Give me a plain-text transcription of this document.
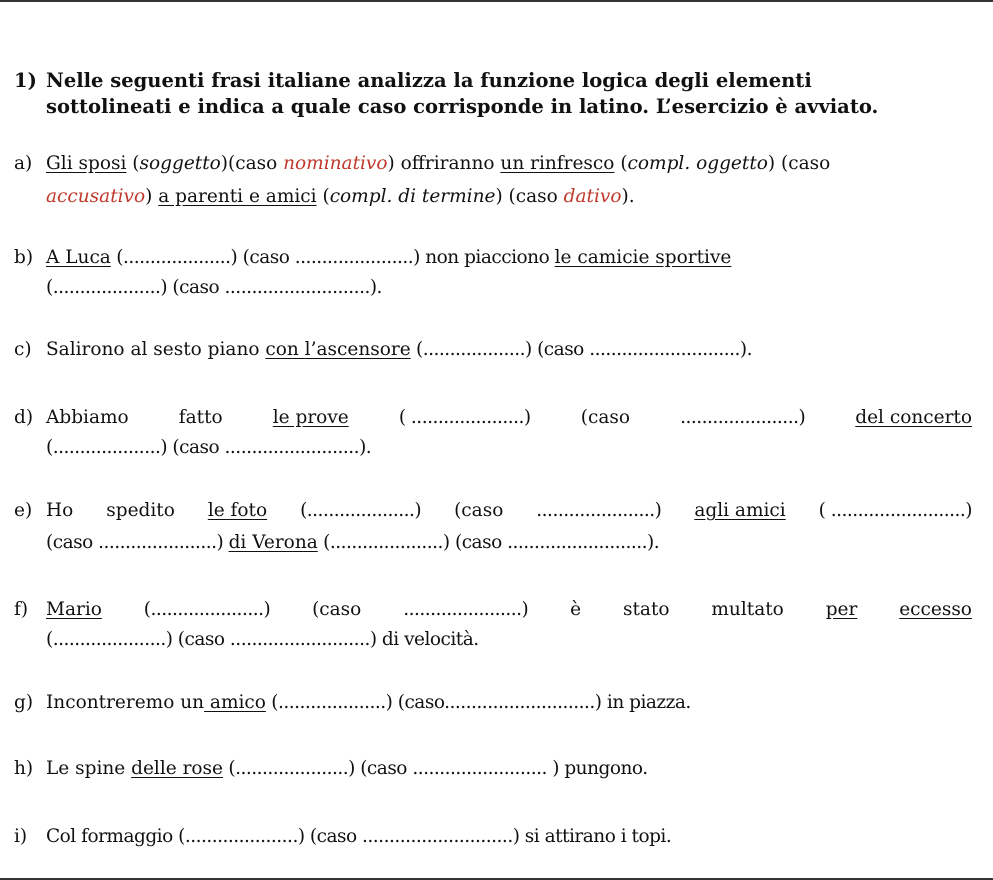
1) Nelle seguenti frasi italiane analizza la funzione logica degli elementi
sottolineati e indica a quale caso corrisponde in latino. L’esercizio è avviato.
a) Gli sposi (soggetto)(caso nominativo) offriranno un rinfresco (compl. oggetto) (caso
accusativo) a parenti e amici (compl. di termine) (caso dativo).
b) A Luca (....................) (caso ......................) non piacciono le camicie sportive
(....................) (caso ...........................).
c) Salirono al sesto piano con l’ascensore (...................) (caso ............................).
d) Abbiamo	fatto	le prove	( .....................)	(caso	......................)	del concerto
(....................) (caso .........................).
e) Ho spedito le foto (....................) (caso ......................) agli amici ( .........................)
(caso ......................) di Verona (.....................) (caso ..........................).
f) Mario (.....................) (caso ......................) è stato multato per eccesso
(.....................) (caso ..........................) di velocità.
g) Incontreremo un amico (....................) (caso............................) in piazza.
h) Le spine delle rose (.....................) (caso ......................... ) pungono.
i) Col formaggio (.....................) (caso ............................) si attirano i topi.
